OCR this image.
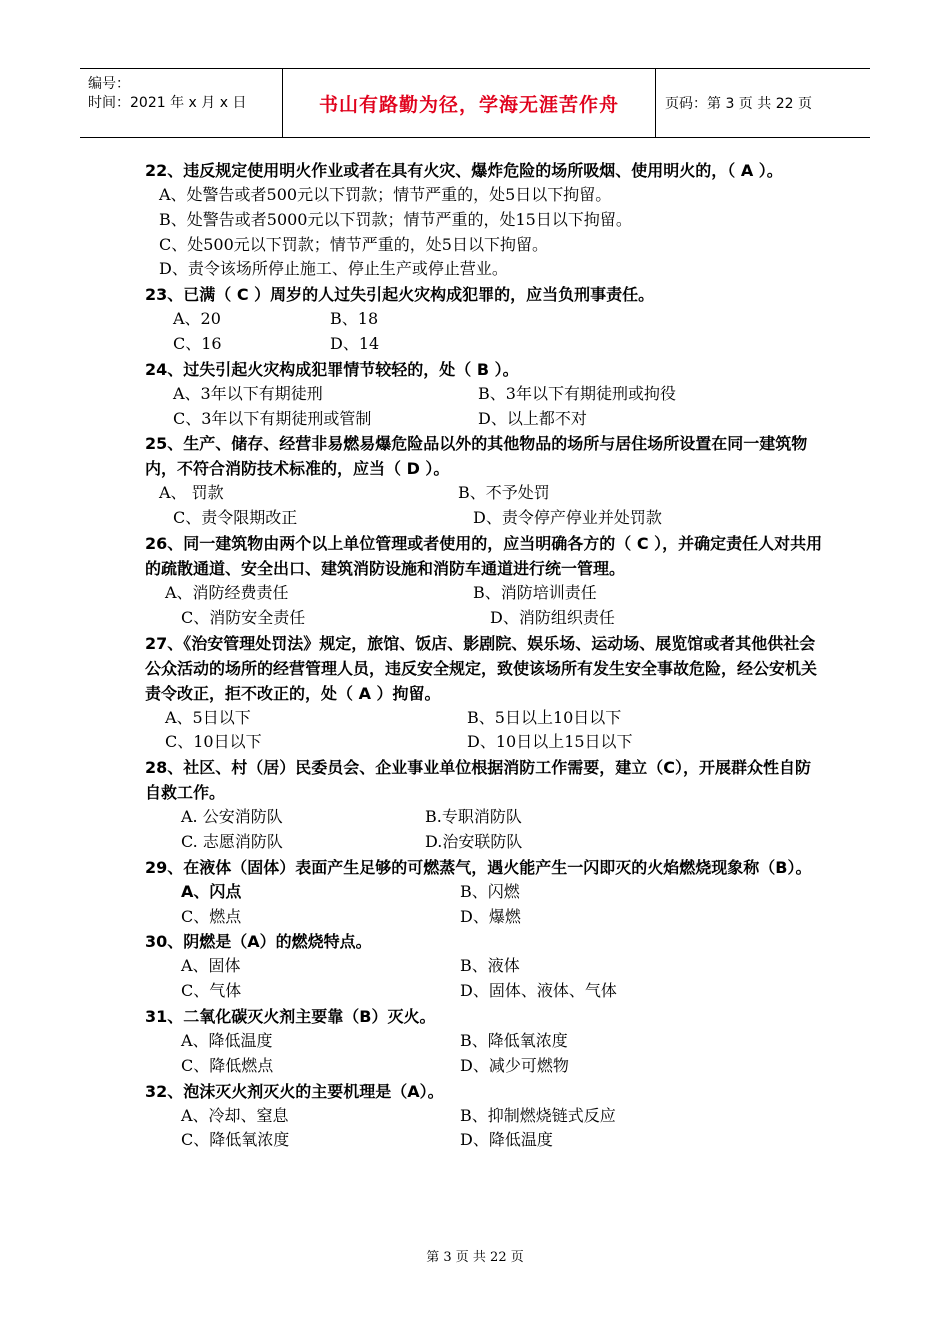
编号：
时间：2021 年 x 月 x 日	书山有路勤为径，学海无涯苦作舟	页码：第 3 页 共 22 页

22、违反规定使用明火作业或者在具有火灾、爆炸危险的场所吸烟、使用明火的，（ A ）。

A、处警告或者500元以下罚款；情节严重的，处5日以下拘留。
B、处警告或者5000元以下罚款；情节严重的，处15日以下拘留。
C、处500元以下罚款；情节严重的，处5日以下拘留。
D、责令该场所停止施工、停止生产或停止营业。

23、已满（ C ）周岁的人过失引起火灾构成犯罪的，应当负刑事责任。

A、20	B、18
C、16	D、14

24、过失引起火灾构成犯罪情节较轻的，处（ B ）。

A、3年以下有期徒刑	B、3年以下有期徒刑或拘役
C、3年以下有期徒刑或管制	D、以上都不对

25、生产、储存、经营非易燃易爆危险品以外的其他物品的场所与居住场所设置在同一建筑物内，不符合消防技术标准的，应当（ D ）。

A、 罚款	B、不予处罚
C、责令限期改正	D、责令停产停业并处罚款

26、同一建筑物由两个以上单位管理或者使用的，应当明确各方的（ C ），并确定责任人对共用的疏散通道、安全出口、建筑消防设施和消防车通道进行统一管理。

A、消防经费责任	B、消防培训责任
C、消防安全责任	D、消防组织责任

27、《治安管理处罚法》规定，旅馆、饭店、影剧院、娱乐场、运动场、展览馆或者其他供社会公众活动的场所的经营管理人员，违反安全规定，致使该场所有发生安全事故危险，经公安机关责令改正，拒不改正的，处（ A ）拘留。

A、5日以下	B、5日以上10日以下
C、10日以下	D、10日以上15日以下

28、社区、村（居）民委员会、企业事业单位根据消防工作需要，建立（C），开展群众性自防自救工作。

A. 公安消防队	B.专职消防队
C. 志愿消防队	D.治安联防队

29、在液体（固体）表面产生足够的可燃蒸气，遇火能产生一闪即灭的火焰燃烧现象称（B）。

A、闪点	B、闪燃
C、燃点	D、爆燃

30、阴燃是（A）的燃烧特点。

A、固体	B、液体
C、气体	D、固体、液体、气体

31、二氧化碳灭火剂主要靠（B）灭火。

A、降低温度	B、降低氧浓度
C、降低燃点	D、减少可燃物

32、泡沫灭火剂灭火的主要机理是（A）。

A、冷却、窒息	B、抑制燃烧链式反应
C、降低氧浓度	D、降低温度
第 3 页 共 22 页
